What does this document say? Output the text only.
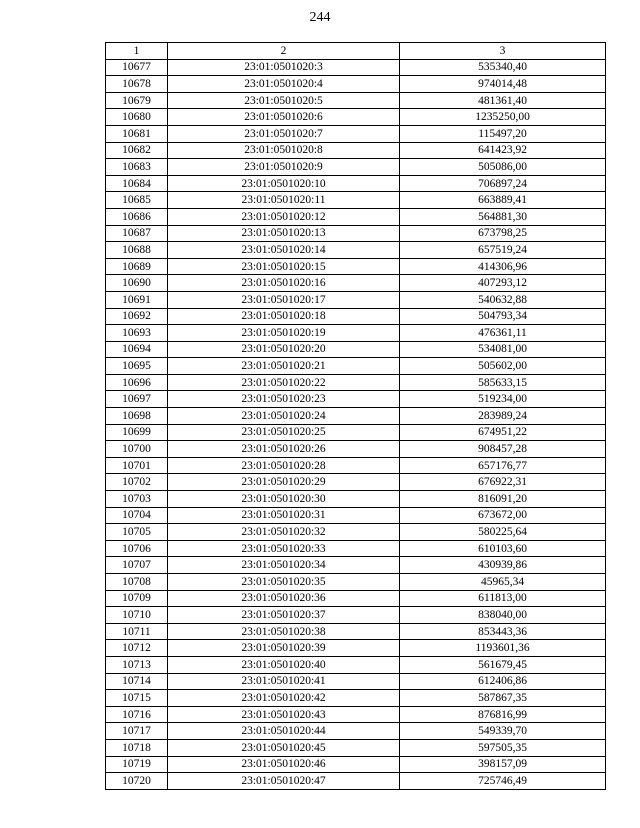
244
1	2	3
10677	23:01:0501020:3	535340,40
10678	23:01:0501020:4	974014,48
10679	23:01:0501020:5	481361,40
10680	23:01:0501020:6	1235250,00
10681	23:01:0501020:7	115497,20
10682	23:01:0501020:8	641423,92
10683	23:01:0501020:9	505086,00
10684	23:01:0501020:10	706897,24
10685	23:01:0501020:11	663889,41
10686	23:01:0501020:12	564881,30
10687	23:01:0501020:13	673798,25
10688	23:01:0501020:14	657519,24
10689	23:01:0501020:15	414306,96
10690	23:01:0501020:16	407293,12
10691	23:01:0501020:17	540632,88
10692	23:01:0501020:18	504793,34
10693	23:01:0501020:19	476361,11
10694	23:01:0501020:20	534081,00
10695	23:01:0501020:21	505602,00
10696	23:01:0501020:22	585633,15
10697	23:01:0501020:23	519234,00
10698	23:01:0501020:24	283989,24
10699	23:01:0501020:25	674951,22
10700	23:01:0501020:26	908457,28
10701	23:01:0501020:28	657176,77
10702	23:01:0501020:29	676922,31
10703	23:01:0501020:30	816091,20
10704	23:01:0501020:31	673672,00
10705	23:01:0501020:32	580225,64
10706	23:01:0501020:33	610103,60
10707	23:01:0501020:34	430939,86
10708	23:01:0501020:35	45965,34
10709	23:01:0501020:36	611813,00
10710	23:01:0501020:37	838040,00
10711	23:01:0501020:38	853443,36
10712	23:01:0501020:39	1193601,36
10713	23:01:0501020:40	561679,45
10714	23:01:0501020:41	612406,86
10715	23:01:0501020:42	587867,35
10716	23:01:0501020:43	876816,99
10717	23:01:0501020:44	549339,70
10718	23:01:0501020:45	597505,35
10719	23:01:0501020:46	398157,09
10720	23:01:0501020:47	725746,49
